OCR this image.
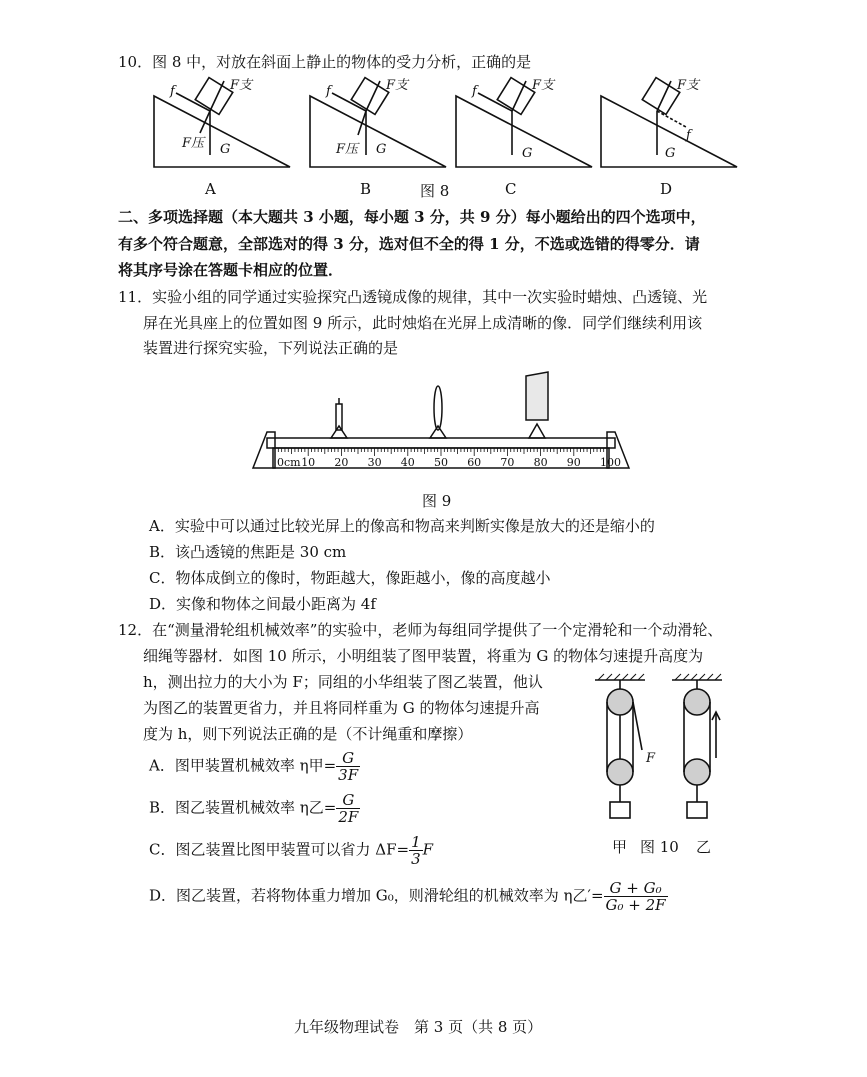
10．图 8 中，对放在斜面上静止的物体的受力分析，正确的是
f	F支
F压 G
f	F支
F压 G
f	F支
G
F支
f
G
A	B	图 8	C	D
二、多项选择题（本大题共 3 小题，每小题 3 分，共 9 分）每小题给出的四个选项中，
有多个符合题意，全部选对的得 3 分，选对但不全的得 1 分，不选或选错的得零分．请
将其序号涂在答题卡相应的位置．
11．实验小组的同学通过实验探究凸透镜成像的规律，其中一次实验时蜡烛、凸透镜、光
屏在光具座上的位置如图 9 所示，此时烛焰在光屏上成清晰的像．同学们继续利用该
装置进行探究实验，下列说法正确的是
0cm 10 20 30 40 50 60 70 80 90 100
图 9
A．实验中可以通过比较光屏上的像高和物高来判断实像是放大的还是缩小的
B．该凸透镜的焦距是 30 cm
C．物体成倒立的像时，物距越大，像距越小，像的高度越小
D．实像和物体之间最小距离为 4f
12．在“测量滑轮组机械效率”的实验中，老师为每组同学提供了一个定滑轮和一个动滑轮、
细绳等器材．如图 10 所示，小明组装了图甲装置，将重为 G 的物体匀速提升高度为
h，测出拉力的大小为 F；同组的小华组装了图乙装置，他认
为图乙的装置更省力，并且将同样重为 G 的物体匀速提升高
度为 h，则下列说法正确的是（不计绳重和摩擦）
A．图甲装置机械效率 η甲= $\frac{G}{3F}$
B．图乙装置机械效率 η乙= $\frac{G}{2F}$
C．图乙装置比图甲装置可以省力 $\Delta F= \frac{1}{3}$ F
D．图乙装置，若将物体重力增加 G₀，则滑轮组的机械效率为 η乙′= $\frac{\text{G + G₀}}{\text{G₀ + 2F}}$
F
甲 图 10 乙
九年级物理试卷　第 3 页（共 8 页）
